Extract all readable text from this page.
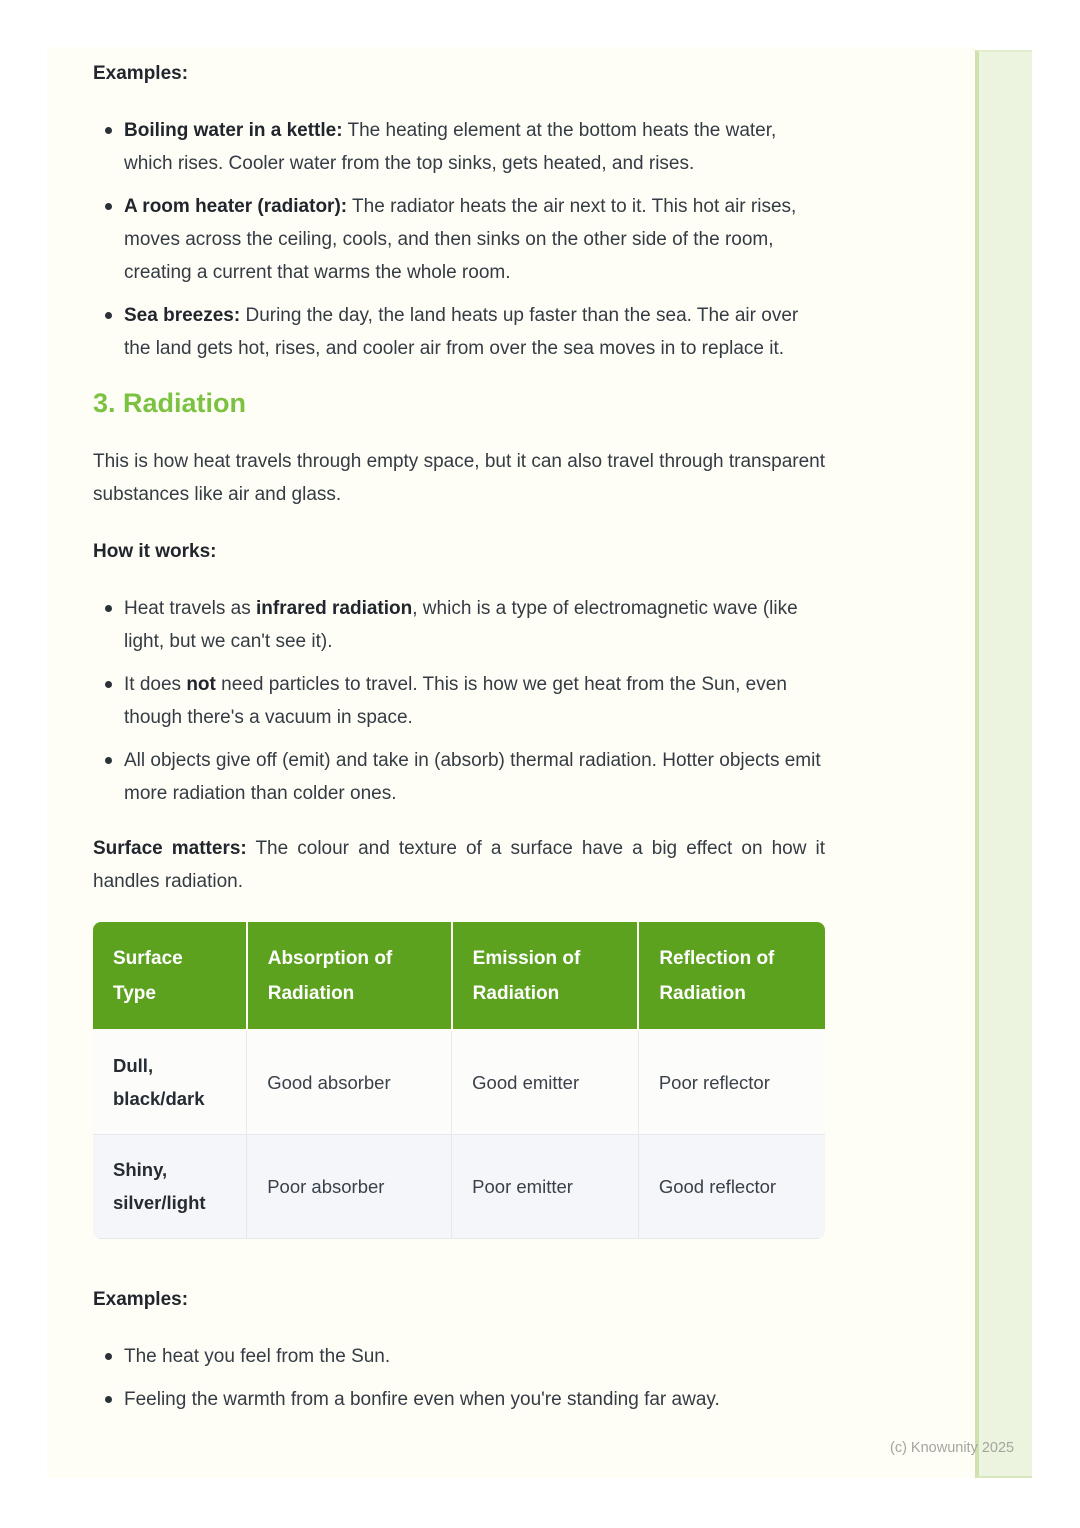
Examples:
Boiling water in a kettle: The heating element at the bottom heats the water, which rises. Cooler water from the top sinks, gets heated, and rises.
A room heater (radiator): The radiator heats the air next to it. This hot air rises, moves across the ceiling, cools, and then sinks on the other side of the room, creating a current that warms the whole room.
Sea breezes: During the day, the land heats up faster than the sea. The air over the land gets hot, rises, and cooler air from over the sea moves in to replace it.
3. Radiation

This is how heat travels through empty space, but it can also travel through transparent substances like air and glass.

How it works:
Heat travels as infrared radiation, which is a type of electromagnetic wave (like light, but we can't see it).
It does not need particles to travel. This is how we get heat from the Sun, even though there's a vacuum in space.
All objects give off (emit) and take in (absorb) thermal radiation. Hotter objects emit more radiation than colder ones.

Surface matters: The colour and texture of a surface have a big effect on how it handles radiation.

Surface Type	Absorption of Radiation	Emission of Radiation	Reflection of Radiation
Dull, black/dark	Good absorber	Good emitter	Poor reflector
Shiny, silver/light	Poor absorber	Poor emitter	Good reflector
Examples:
The heat you feel from the Sun.
Feeling the warmth from a bonfire even when you're standing far away.
(c) Knowunity 2025
